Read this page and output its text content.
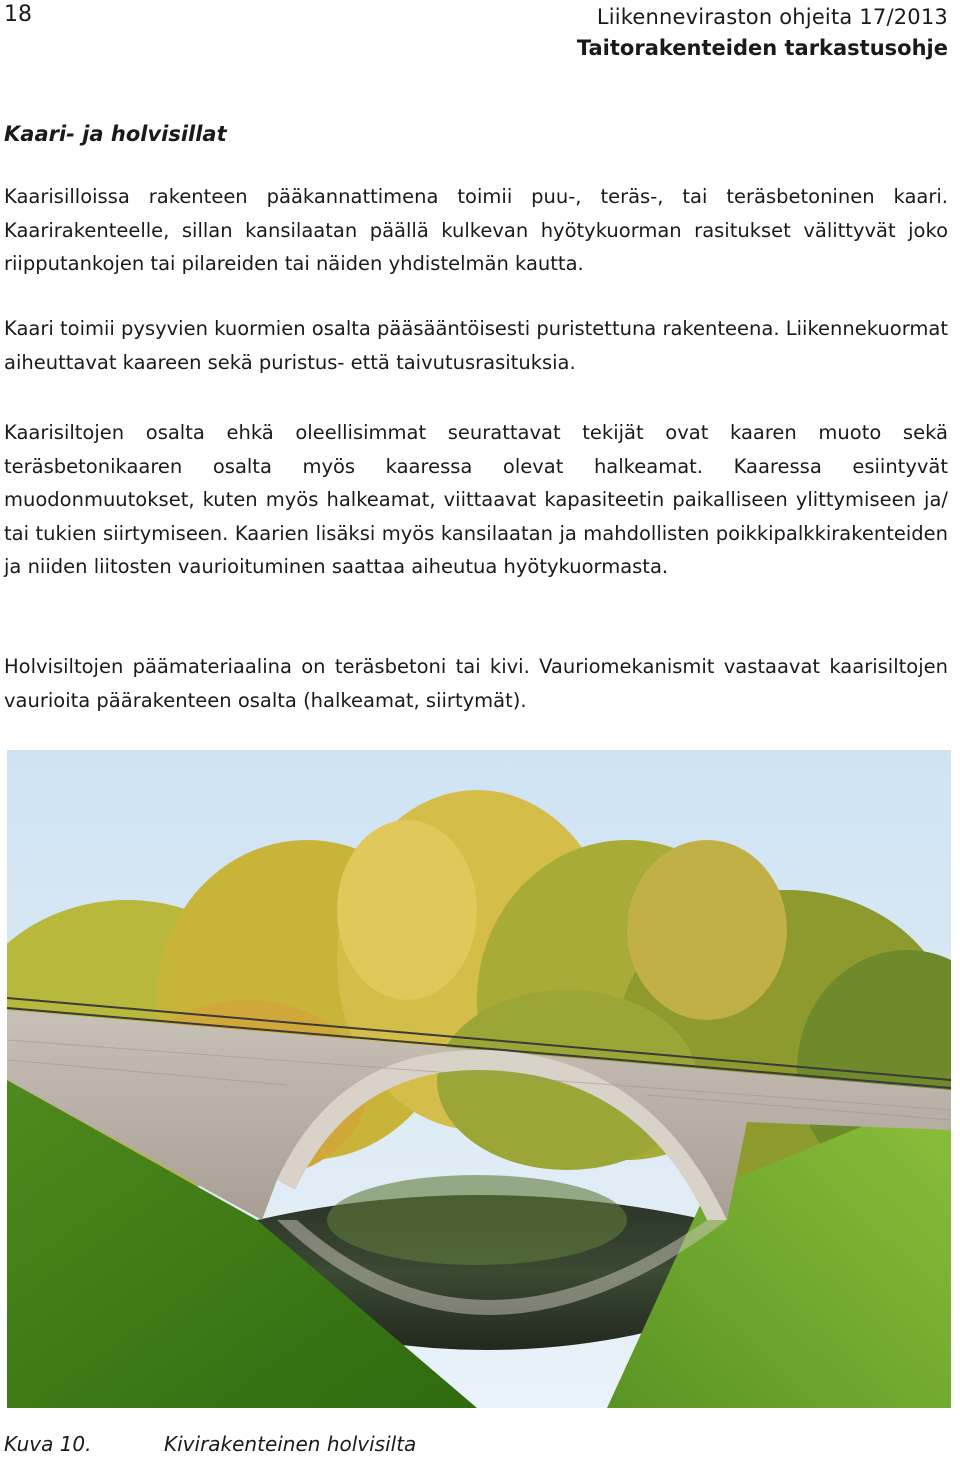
18	Liikenneviraston ohjeita 17/2013
Taitorakenteiden tarkastusohje
Kaari- ja holvisillat

Kaarisilloissa rakenteen pääkannattimena toimii puu-, teräs-, tai teräsbetoninen kaari. Kaarirakenteelle, sillan kansilaatan päällä kulkevan hyötykuorman rasitukset välittyvät joko riipputankojen tai pilareiden tai näiden yhdistelmän kautta.

Kaari toimii pysyvien kuormien osalta pääsääntöisesti puristettuna rakenteena. Liikennekuormat aiheuttavat kaareen sekä puristus- että taivutusrasituksia.

Kaarisiltojen osalta ehkä oleellisimmat seurattavat tekijät ovat kaaren muoto sekä teräsbetonikaaren osalta myös kaaressa olevat halkeamat. Kaaressa esiintyvät muodonmuutokset, kuten myös halkeamat, viittaavat kapasiteetin paikalliseen ylittymiseen ja/ tai tukien siirtymiseen. Kaarien lisäksi myös kansilaatan ja mahdollisten poikkipalkkirakenteiden ja niiden liitosten vaurioituminen saattaa aiheutua hyötykuormasta.

Holvisiltojen päämateriaalina on teräsbetoni tai kivi. Vauriomekanismit vastaavat kaarisiltojen vaurioita päärakenteen osalta (halkeamat, siirtymät).

Kuva 10.	Kivirakenteinen holvisilta
